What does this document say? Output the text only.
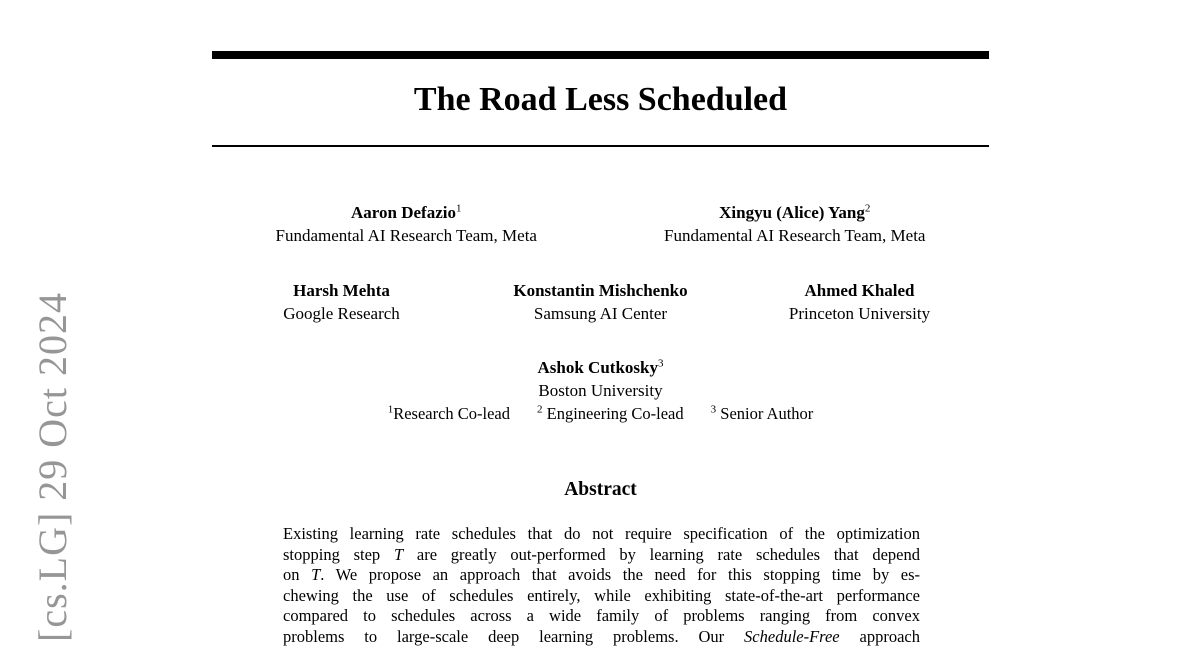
[cs.LG] 29 Oct 2024
The Road Less Scheduled
Aaron Defazio$^1$
Fundamental AI Research Team, Meta
Xingyu (Alice) Yang$^2$
Fundamental AI Research Team, Meta
Harsh Mehta
Google Research
Konstantin Mishchenko
Samsung AI Center
Ahmed Khaled
Princeton University
Ashok Cutkosky$^3$
Boston University
$^1$Research Co-lead $^2$ Engineering Co-lead $^3$ Senior Author
Abstract
Existing learning rate schedules that do not require specification of the optimization
stopping step T are greatly out-performed by learning rate schedules that depend
on T. We propose an approach that avoids the need for this stopping time by es-
chewing the use of schedules entirely, while exhibiting state-of-the-art performance
compared to schedules across a wide family of problems ranging from convex
problems to large-scale deep learning problems. Our Schedule-Free approach
